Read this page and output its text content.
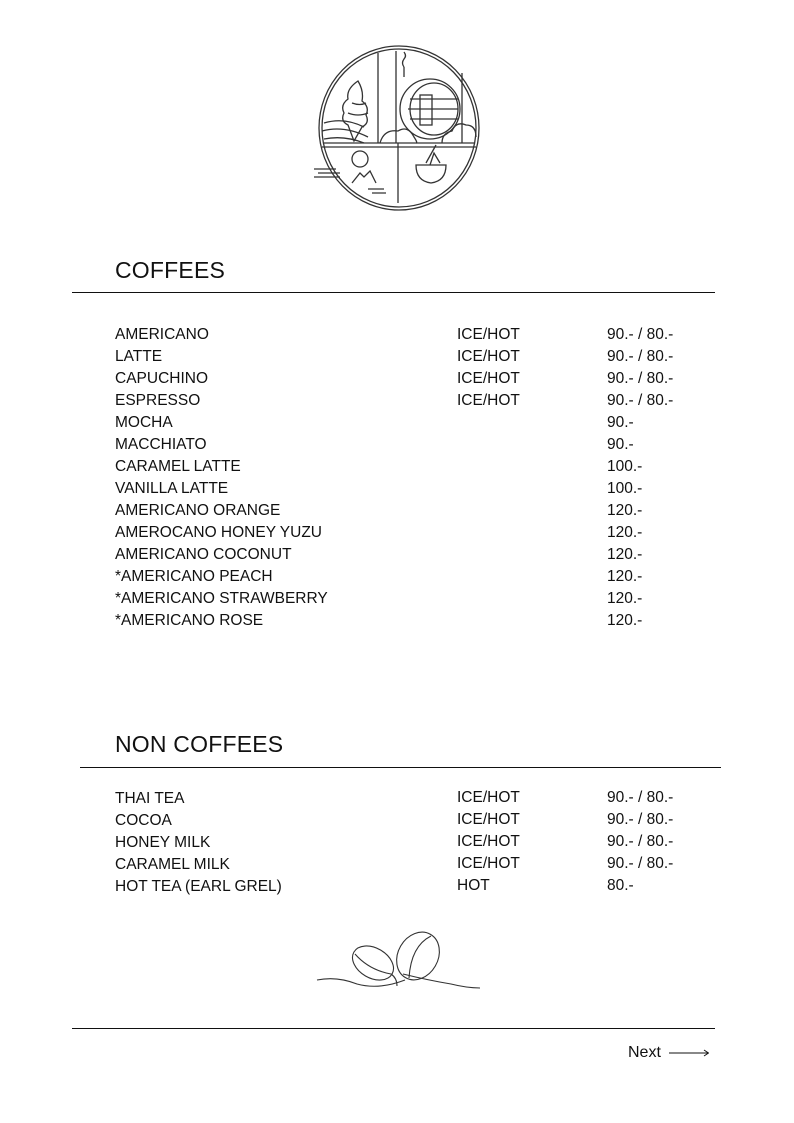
COFFEES
AMERICANO	ICE/HOT	90.- / 80.-
LATTE	ICE/HOT	90.- / 80.-
CAPUCHINO	ICE/HOT	90.- / 80.-
ESPRESSO	ICE/HOT	90.- / 80.-
MOCHA	90.-
MACCHIATO	90.-
CARAMEL LATTE	100.-
VANILLA LATTE	100.-
AMERICANO ORANGE	120.-
AMEROCANO HONEY YUZU	120.-
AMERICANO COCONUT	120.-
*AMERICANO PEACH	120.-
*AMERICANO STRAWBERRY	120.-
*AMERICANO ROSE	120.-
NON COFFEES
THAI TEA	ICE/HOT	90.- / 80.-
COCOA	ICE/HOT	90.- / 80.-
HONEY MILK	ICE/HOT	90.- / 80.-
CARAMEL MILK	ICE/HOT	90.- / 80.-
HOT TEA (EARL GREL)	HOT	80.-
Next
